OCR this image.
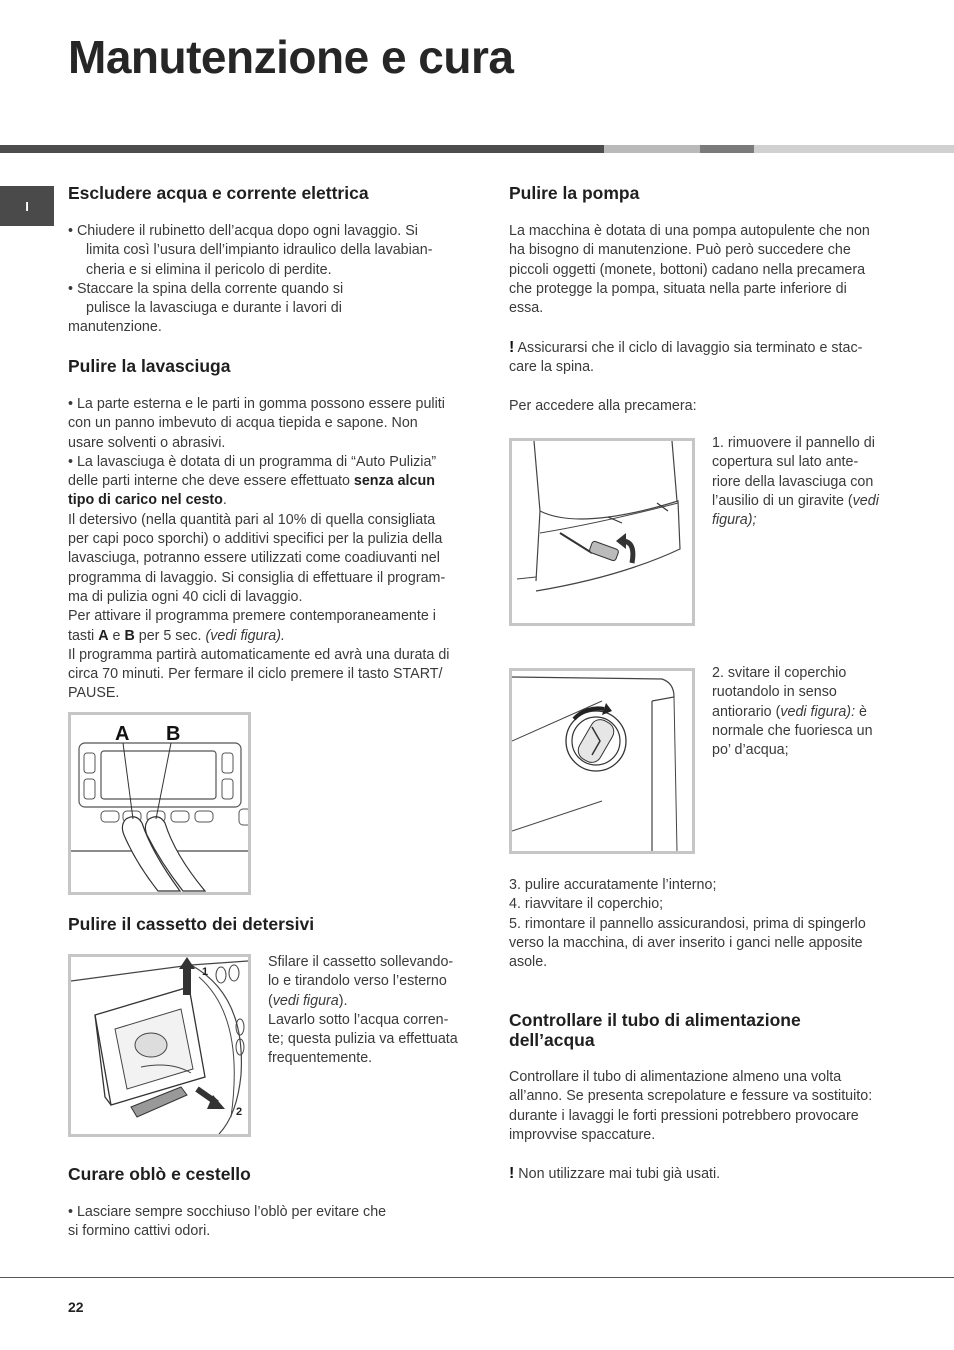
Manutenzione e cura
I
Escludere acqua e corrente elettrica

• Chiudere il rubinetto dell’acqua dopo ogni lavaggio. Si

limita così l’usura dell’impianto idraulico della lavabian-

cheria e si elimina il pericolo di perdite.

• Staccare la spina della corrente quando si

pulisce la lavasciuga e durante i lavori di

manutenzione.

Pulire la lavasciuga

• La parte esterna e le parti in gomma possono essere puliti

con un panno imbevuto di acqua tiepida e sapone. Non

usare solventi o abrasivi.

• La lavasciuga è dotata di un programma di “Auto Pulizia”

delle parti interne che deve essere effettuato senza alcun

tipo di carico nel cesto.

Il detersivo (nella quantità pari al 10% di quella consigliata

per capi poco sporchi) o additivi specifici per la pulizia della

lavasciuga, potranno essere utilizzati come coadiuvanti nel

programma di lavaggio. Si consiglia di effettuare il program-

ma di pulizia ogni 40 cicli di lavaggio.

Per attivare il programma premere contemporaneamente i

tasti A e B per 5 sec. (vedi figura).

Il programma partirà automaticamente ed avrà una durata di

circa 70 minuti. Per fermare il ciclo premere il tasto START/

PAUSE.

A B
Pulire il cassetto dei detersivi
1
2

Sfilare il cassetto sollevando-

lo e tirandolo verso l’esterno

(vedi figura).

Lavarlo sotto l’acqua corren-

te; questa pulizia va effettuata

frequentemente.

Curare oblò e cestello

• Lasciare sempre socchiuso l’oblò per evitare che

si formino cattivi odori.

Pulire la pompa

La macchina è dotata di una pompa autopulente che non

ha bisogno di manutenzione. Può però succedere che

piccoli oggetti (monete, bottoni) cadano nella precamera

che protegge la pompa, situata nella parte inferiore di

essa.

! Assicurarsi che il ciclo di lavaggio sia terminato e stac-

care la spina.

Per accedere alla precamera:

1. rimuovere il pannello di

copertura sul lato ante-

riore della lavasciuga con

l’ausilio di un giravite (vedi

figura);

2. svitare il coperchio

ruotandolo in senso

antiorario (vedi figura): è

normale che fuoriesca un

po’ d’acqua;

3. pulire accuratamente l’interno;

4. riavvitare il coperchio;

5. rimontare il pannello assicurandosi, prima di spingerlo

verso la macchina, di aver inserito i ganci nelle apposite

asole.

Controllare il tubo di alimentazione
dell’acqua

Controllare il tubo di alimentazione almeno una volta

all’anno. Se presenta screpolature e fessure va sostituito:

durante i lavaggi le forti pressioni potrebbero provocare

improvvise spaccature.

! Non utilizzare mai tubi già usati.

22
